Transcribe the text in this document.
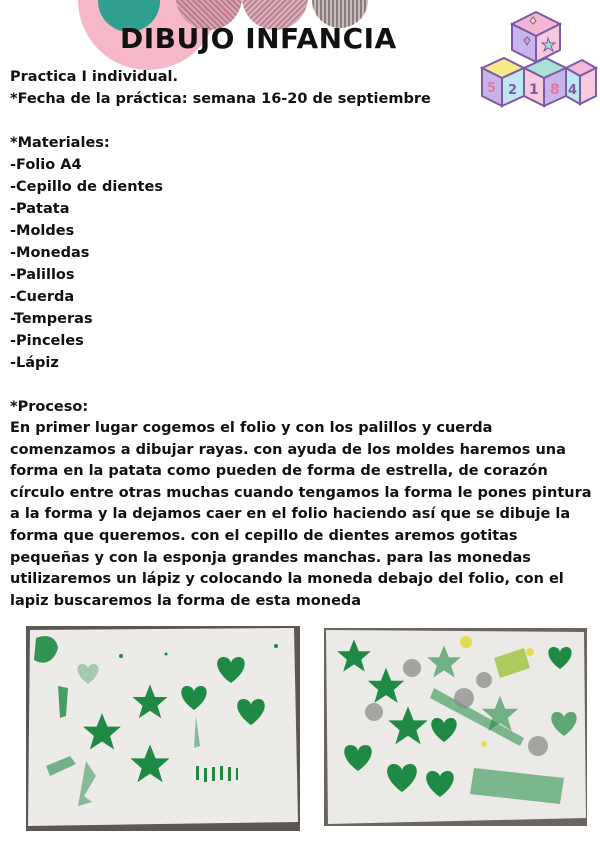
DIBUJO INFANCIA
5 2 1 8 4

Practica I individual.

*Fecha de la práctica: semana 16-20 de septiembre

*Materiales:

-Folio A4
-Cepillo de dientes
-Patata
-Moldes
-Monedas
-Palillos
-Cuerda
-Temperas
-Pinceles
-Lápiz

*Proceso:

En primer lugar cogemos el folio y con los palillos y cuerda comenzamos a dibujar rayas. con ayuda de los moldes haremos una forma en la patata como pueden de forma de estrella, de corazón círculo entre otras muchas cuando tengamos la forma le pones pintura a la forma y la dejamos caer en el folio haciendo así que se dibuje la forma que queremos. con el cepillo de dientes aremos gotitas pequeñas y con la esponja grandes manchas. para las monedas utilizaremos un lápiz y colocando la moneda debajo del folio, con el lapiz buscaremos la forma de esta moneda
